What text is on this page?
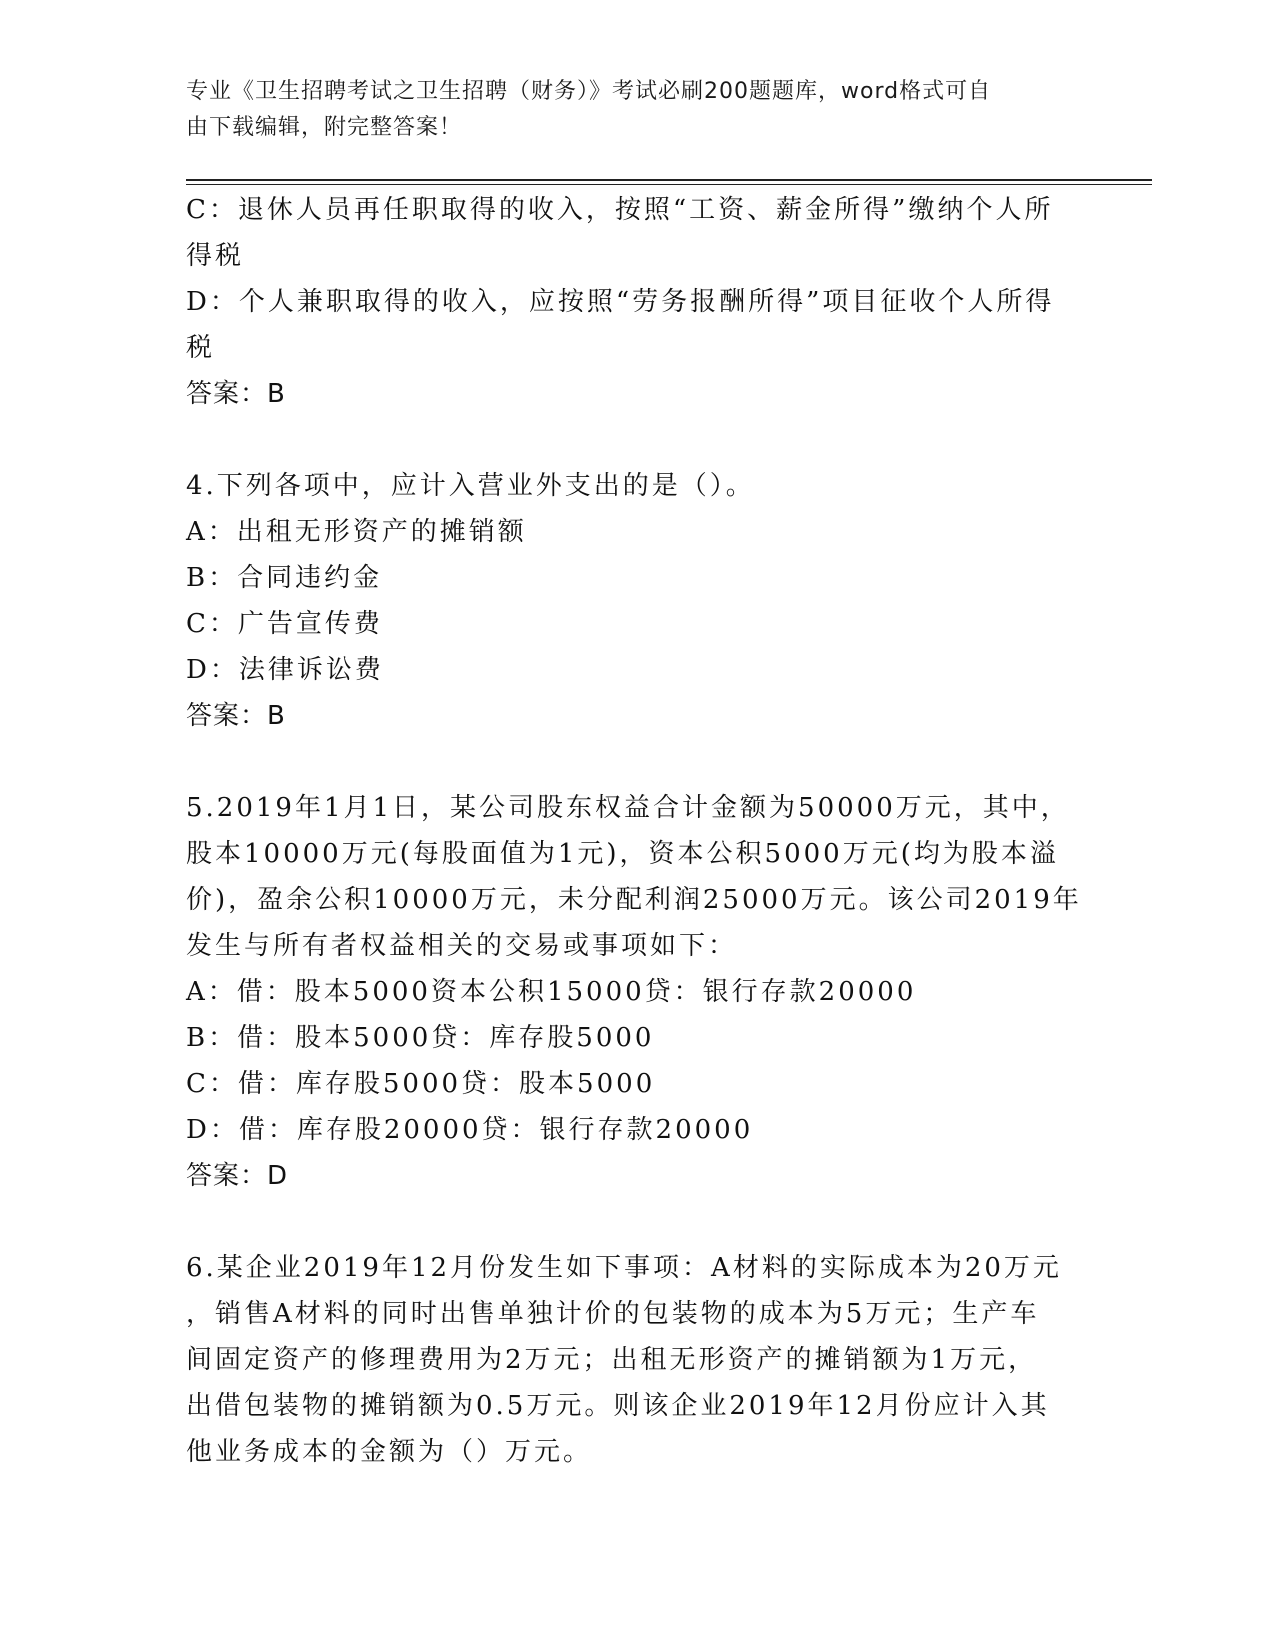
专业《卫生招聘考试之卫生招聘（财务）》考试必刷200题题库，word格式可自
由下载编辑，附完整答案！
C：退休人员再任职取得的收入，按照“工资、薪金所得”缴纳个人所
得税
D：个人兼职取得的收入，应按照“劳务报酬所得”项目征收个人所得
税
答案：B
4.下列各项中，应计入营业外支出的是（）。
A：出租无形资产的摊销额
B：合同违约金
C：广告宣传费
D：法律诉讼费
答案：B
5.2019年1月1日，某公司股东权益合计金额为50000万元，其中，
股本10000万元(每股面值为1元)，资本公积5000万元(均为股本溢
价)，盈余公积10000万元，未分配利润25000万元。该公司2019年
发生与所有者权益相关的交易或事项如下：
A：借：股本5000资本公积15000贷：银行存款20000
B：借：股本5000贷：库存股5000
C：借：库存股5000贷：股本5000
D：借：库存股20000贷：银行存款20000
答案：D
6.某企业2019年12月份发生如下事项：A材料的实际成本为20万元
，销售A材料的同时出售单独计价的包装物的成本为5万元；生产车
间固定资产的修理费用为2万元；出租无形资产的摊销额为1万元，
出借包装物的摊销额为0.5万元。则该企业2019年12月份应计入其
他业务成本的金额为（）万元。
